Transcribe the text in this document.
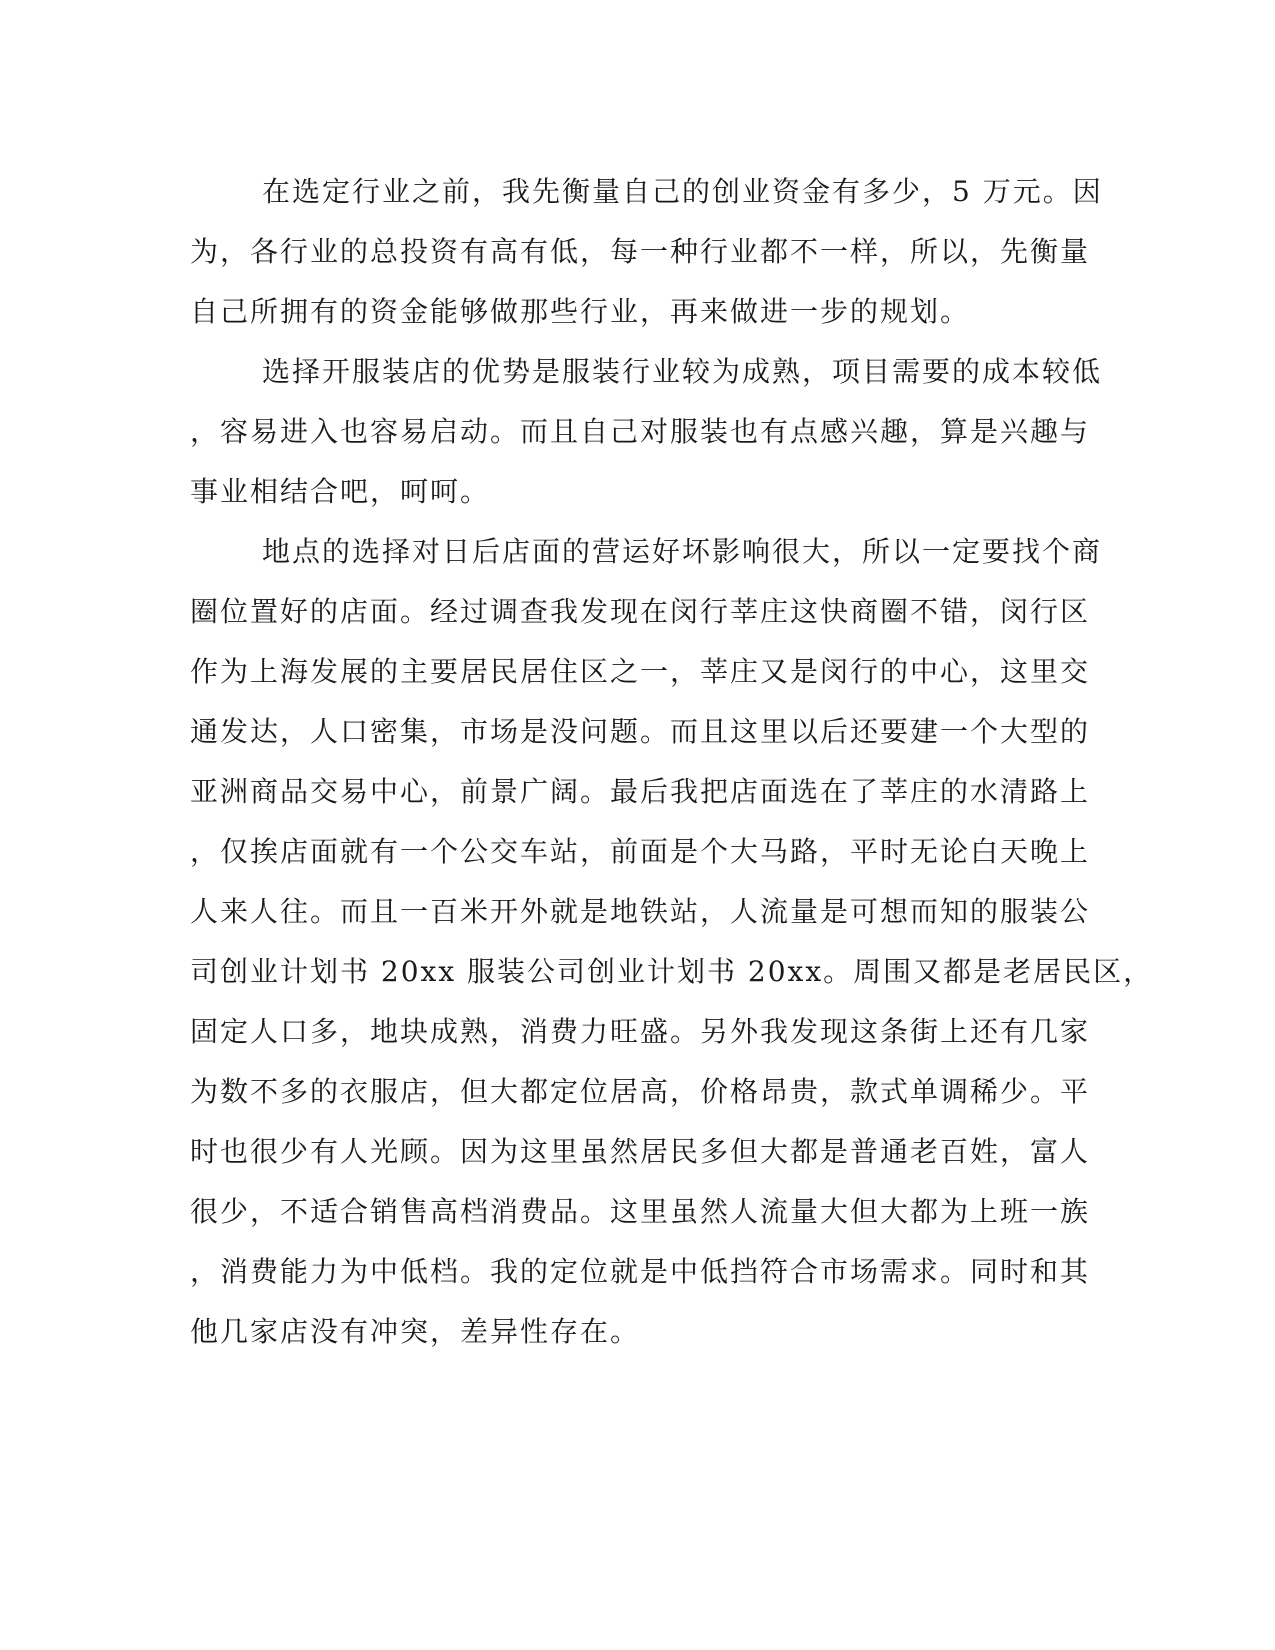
在选定行业之前，我先衡量自己的创业资金有多少，5 万元。因
为，各行业的总投资有高有低，每一种行业都不一样，所以，先衡量
自己所拥有的资金能够做那些行业，再来做进一步的规划。
选择开服装店的优势是服装行业较为成熟，项目需要的成本较低
，容易进入也容易启动。而且自己对服装也有点感兴趣，算是兴趣与
事业相结合吧，呵呵。
地点的选择对日后店面的营运好坏影响很大，所以一定要找个商
圈位置好的店面。经过调查我发现在闵行莘庄这快商圈不错，闵行区
作为上海发展的主要居民居住区之一，莘庄又是闵行的中心，这里交
通发达，人口密集，市场是没问题。而且这里以后还要建一个大型的
亚洲商品交易中心，前景广阔。最后我把店面选在了莘庄的水清路上
，仅挨店面就有一个公交车站，前面是个大马路，平时无论白天晚上
人来人往。而且一百米开外就是地铁站，人流量是可想而知的服装公
司创业计划书 20xx 服装公司创业计划书 20xx。周围又都是老居民区，
固定人口多，地块成熟，消费力旺盛。另外我发现这条街上还有几家
为数不多的衣服店，但大都定位居高，价格昂贵，款式单调稀少。平
时也很少有人光顾。因为这里虽然居民多但大都是普通老百姓，富人
很少，不适合销售高档消费品。这里虽然人流量大但大都为上班一族
，消费能力为中低档。我的定位就是中低挡符合市场需求。同时和其
他几家店没有冲突，差异性存在。
